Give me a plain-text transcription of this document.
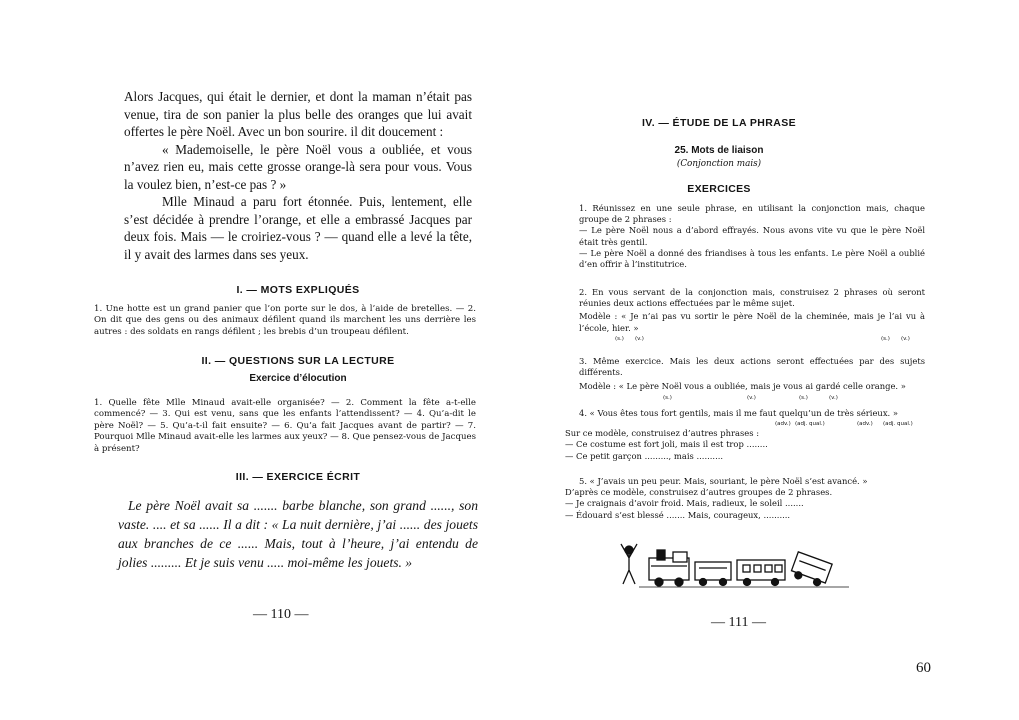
Alors Jacques, qui était le dernier, et dont la maman n’était pas venue, tira de son panier la plus belle des oranges que lui avait offertes le père Noël. Avec un bon sourire. il dit doucement :

« Mademoiselle, le père Noël vous a oubliée, et vous n’avez rien eu, mais cette grosse orange-là sera pour vous. Vous la voulez bien, n’est-ce pas ? »

Mlle Minaud a paru fort étonnée. Puis, lentement, elle s’est décidée à prendre l’orange, et elle a embrassé Jacques par deux fois. Mais — le croiriez-vous ? — quand elle a levé la tête, il y avait des larmes dans ses yeux.

I. — MOTS EXPLIQUÉS

1. Une hotte est un grand panier que l’on porte sur le dos, à l’aide de bretelles. — 2. On dit que des gens ou des animaux défilent quand ils marchent les uns derrière les autres : des soldats en rangs défilent ; les brebis d’un troupeau défilent.

II. — QUESTIONS SUR LA LECTURE
Exercice d’élocution

1. Quelle fête Mlle Minaud avait-elle organisée? — 2. Comment la fête a-t-elle commencé? — 3. Qui est venu, sans que les enfants l’attendissent? — 4. Qu’a-dit le père Noël? — 5. Qu’a-t-il fait ensuite? — 6. Qu’a fait Jacques avant de partir? — 7. Pourquoi Mlle Minaud avait-elle les larmes aux yeux? — 8. Que pensez-vous de Jacques à présent?

III. — EXERCICE ÉCRIT

Le père Noël avait sa ....... barbe blanche, son grand ......, son vaste. .... et sa ...... Il a dit : « La nuit dernière, j’ai ...... des jouets aux branches de ce ...... Mais, tout à l’heure, j’ai entendu de jolies ......... Et je suis venu ..... moi-même les jouets. »

— 110 —
IV. — ÉTUDE DE LA PHRASE
25. Mots de liaison
(Conjonction mais)
EXERCICES

1. Réunissez en une seule phrase, en utilisant la conjonction mais, chaque groupe de 2 phrases :

— Le père Noël nous a d’abord effrayés. Nous avons vite vu que le père Noël était très gentil.

— Le père Noël a donné des friandises à tous les enfants. Le père Noël a oublié d’en offrir à l’institutrice.

2. En vous servant de la conjonction mais, construisez 2 phrases où seront réunies deux actions effectuées par le même sujet.

Modèle : « Je n’ai pas vu sortir le père Noël de la cheminée, mais je l’ai vu à l’école, hier. »

(s.) (v.)	(s.) (v.)

3. Même exercice. Mais les deux actions seront effectuées par des sujets différents.

Modèle : « Le père Noël vous a oubliée, mais je vous ai gardé celle orange. »

(s.)	(v.)	(s.)	(v.)

4. « Vous êtes tous fort gentils, mais il me faut quelqu’un de très sérieux. »

(adv.) (adj. qual.)	(adv.) (adj. qual.)

Sur ce modèle, construisez d’autres phrases :

— Ce costume est fort joli, mais il est trop ........

— Ce petit garçon ........., mais ..........

5. « J’avais un peu peur. Mais, souriant, le père Noël s’est avancé. »

D’après ce modèle, construisez d’autres groupes de 2 phrases.

— Je craignais d’avoir froid. Mais, radieux, le soleil .......

— Édouard s’est blessé ....... Mais, courageux, ..........

— 111 —
60
